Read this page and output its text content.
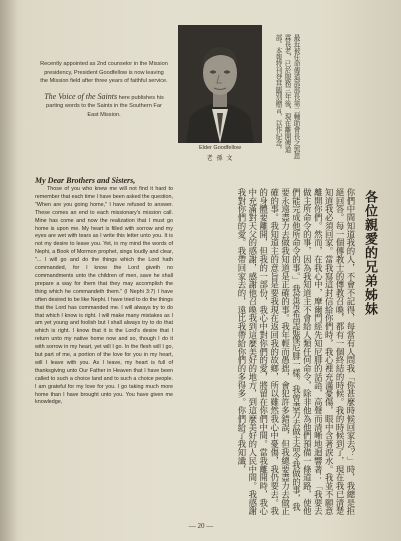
Recently appointed as 2nd counselor in the Mission presidency, President Goodfellow is now leaving the Mission field after three years of faithful service.

The Voice of the Saints here publishes his parting words to the Saints in the Southern Far East Mission.

Elder Goodfellow
老 孫 文	最近被任命傳道部部長第二輔助會長之郭恩霖長老，已於服務三年後，現在離開傳道部。本報特刊登其臨別贈言，以作紀念。
My Dear Brothers and Sisters,

Those of you who knew me will not find it hard to remember that each time I have been asked the question, "When are you going home," I have refused to answer. These comes an end to each missionary's mission call. Mine has come and now the realization that I must go home is upon me. My heart is filled with sorrow and my eyes are wet with tears as I write this letter unto you. It is not my desire to leave you. Yet, in my mind the words of Nephi, a Book of Mormon prophet, sings loudly and clear, "... I will go and do the things which the Lord hath commanded, for I know the Lord giveth no commandments unto the children of men, save he shall prepare a way for them that they may accomplish the thing which he commandeth them." (I Nephi 3:7) I have often desired to be like Nephi. I have tried to do the things that the Lord has commanded me. I will always try to do that which I know is right. I will make many mistakes as I am yet young and foolish but I shall always try to do that which is right. I know that it is the Lord's desire that I return unto my native home now and so, though I do it with sorrow in my heart, yet will I go. In the flesh will I go, but part of me, a portion of the love for you in my heart, will I leave with you. As I leave, my heart is full of thanksgiving unto Our Father in Heaven that I have been called to such a choice land and to such a choice people. I am grateful for my love for you. I go taking much more home than I have brought unto you. You have given me knowledge,	你們中間知道我的人，不會不記得，每當有人問我「你甚麼時候回家去？」時，我總是拒絕回答。每一個傳教士的傳教召喚，都有一個終結的時候。我的時候到了，現在我已清楚知道我必須回家。當我寫這封信給你們時，我心裡充滿憂傷，眼中含著淚水。我並不願意離開你們。然而，在我心中，摩爾門經先知尼腓的話語，高聲而清晰地迴響著：「我要去做主所命令的事，因為我知道主不會給人類任何命令，除非他為他們預備一條道路，使他們能完成他所命令的事。」我常常希望能像尼腓一樣。我曾盡力去做主命令我做的事，我要永遠盡力去做我知道是正確的事。我年輕而愚拙，會犯許多錯誤，但我總要盡力去做正確的事。我知道主的意旨是要我現在返回我的故鄉，所以雖然我心中憂傷，我仍要去。我的身體要離開，但我的一部份，我心中對你們的愛，將留在你們中間。當我離開時，我心中充滿對天父的感謝，感謝他召喚我到這麼美好的地方，到這麼美好的人民中間。我感謝我對你們的愛。我帶回家去的，遠比我帶給你們的多得多。你們給了我知識，	各位親愛的兄弟姊妹
— 20 —
